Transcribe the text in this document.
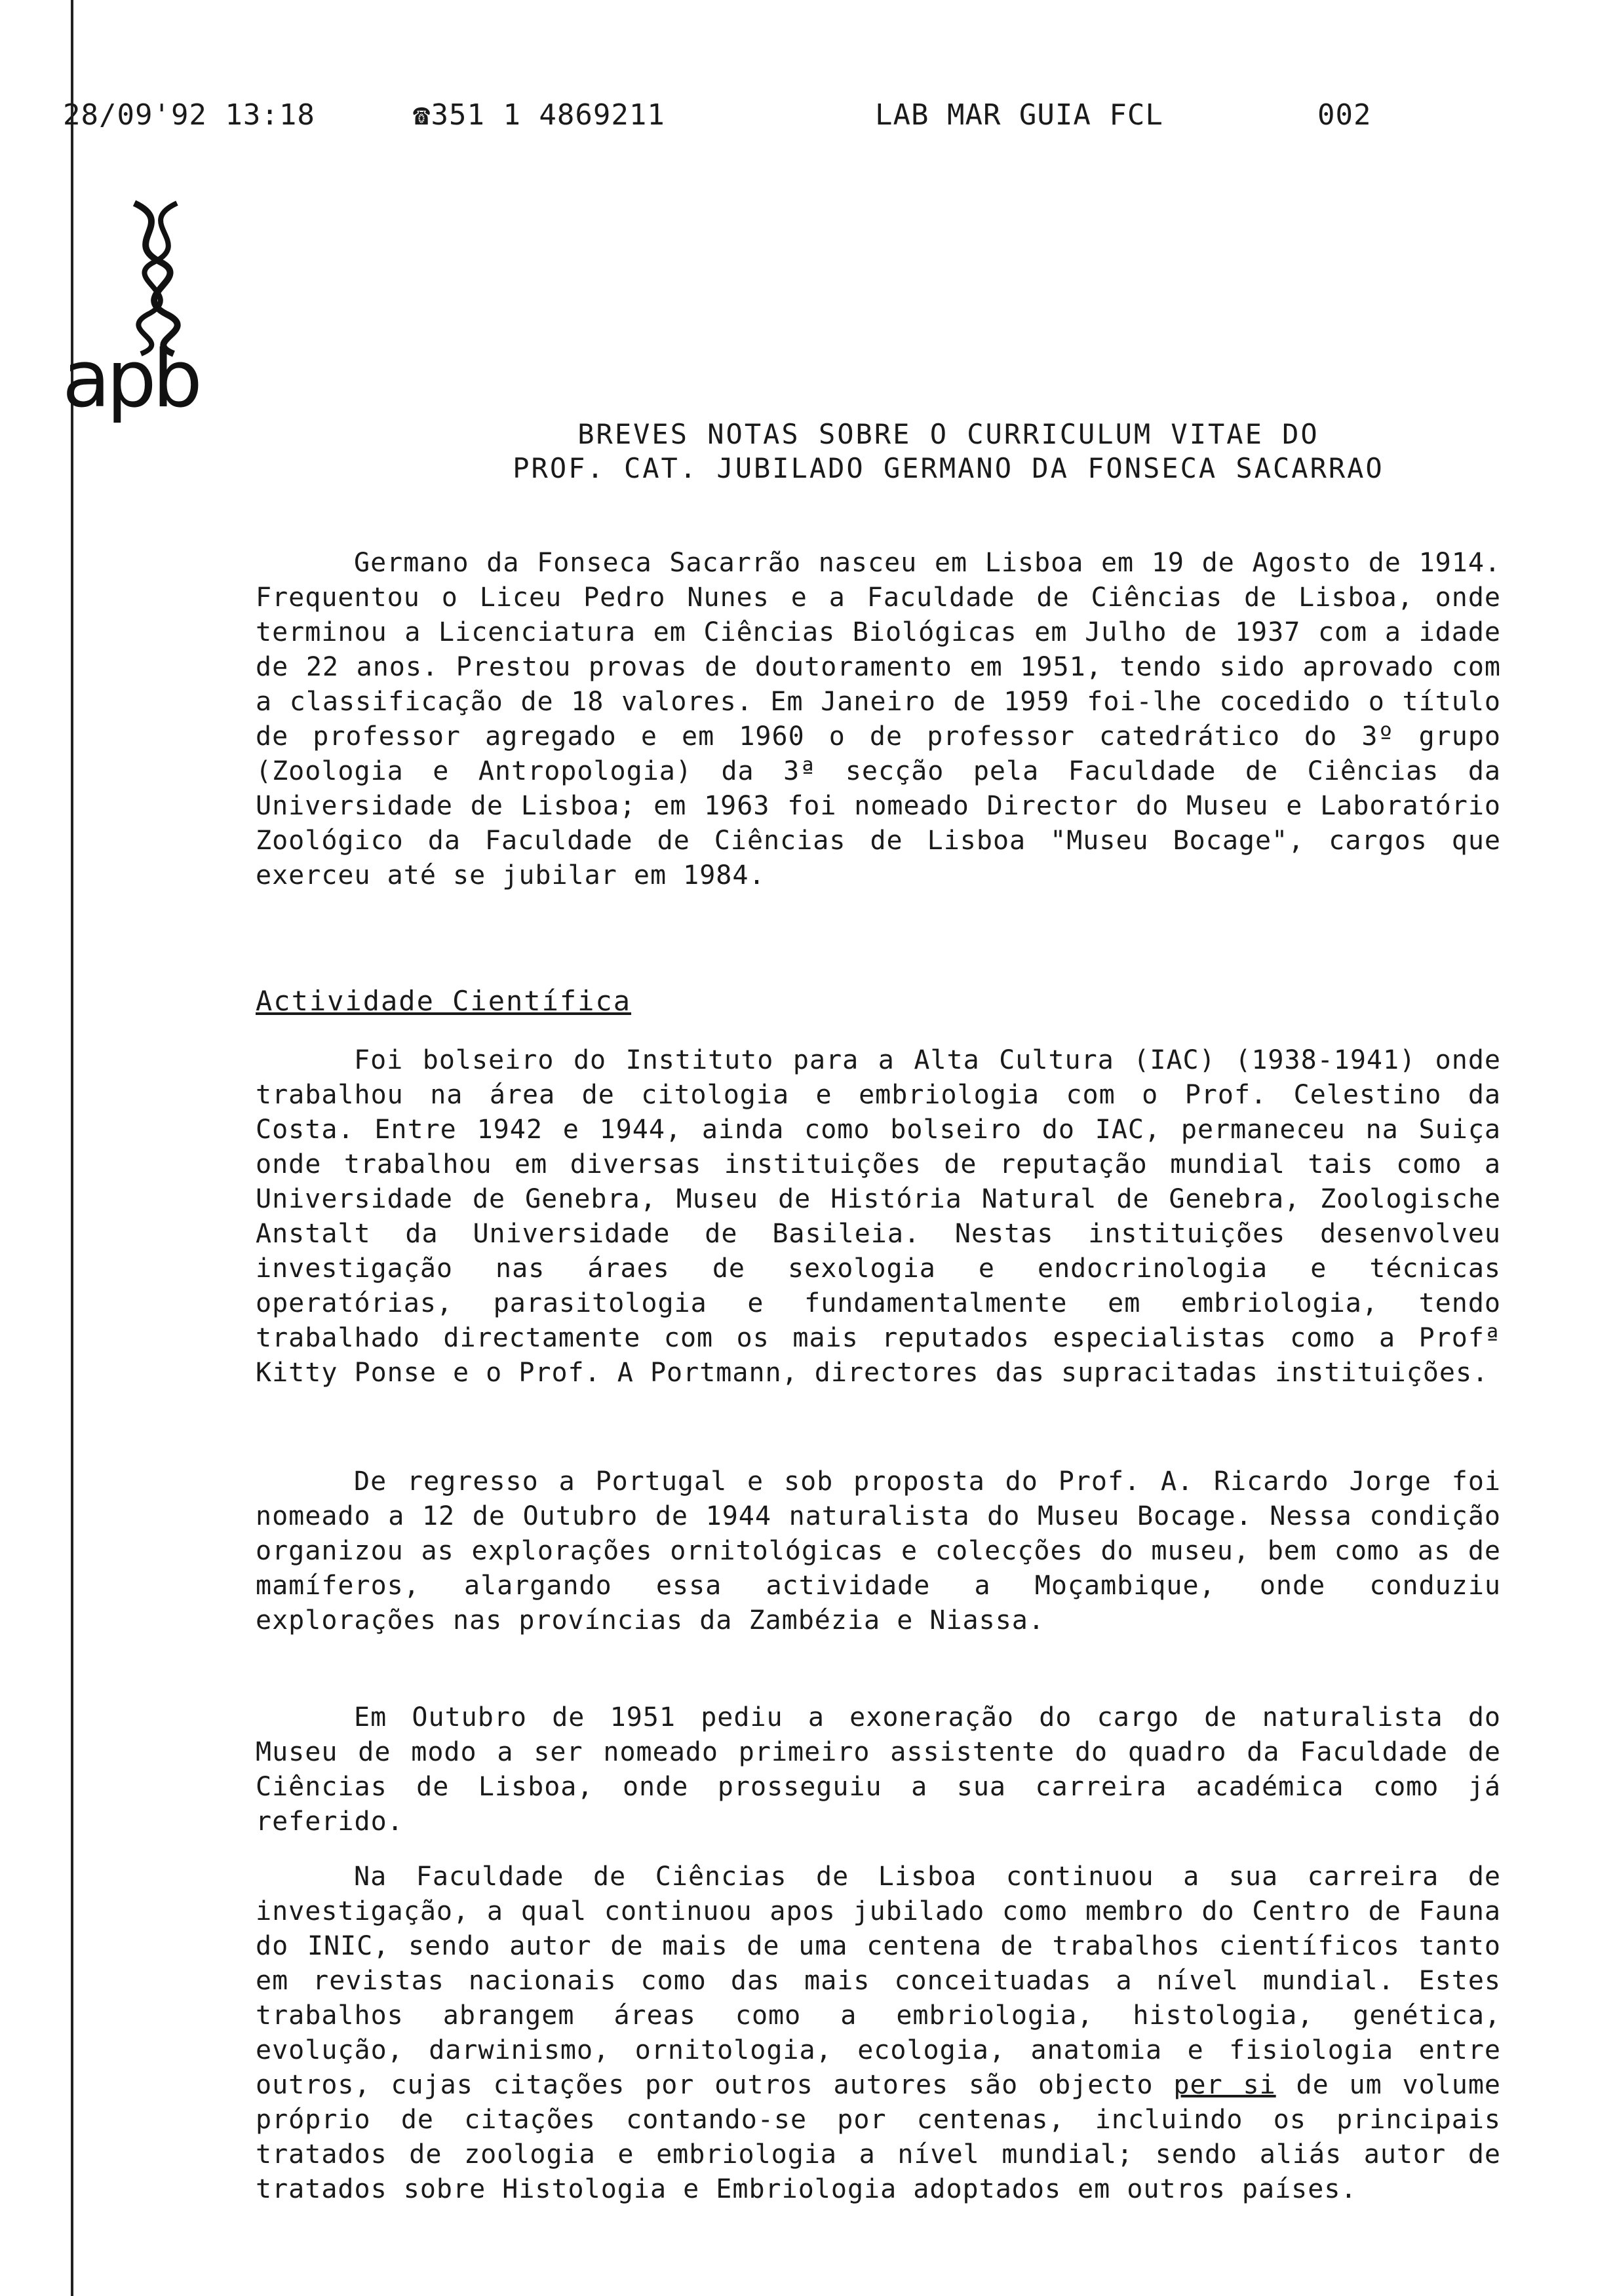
28/09'92 13:18	☎351 1 4869211	LAB MAR GUIA FCL	002
apb
BREVES NOTAS SOBRE O CURRICULUM VITAE DO
PROF. CAT. JUBILADO GERMANO DA FONSECA SACARRAO

Germano da Fonseca Sacarrão nasceu em Lisboa em 19 de Agosto de 1914. Frequentou o Liceu Pedro Nunes e a Faculdade de Ciências de Lisboa, onde terminou a Licenciatura em Ciências Biológicas em Julho de 1937 com a idade de 22 anos. Prestou provas de doutoramento em 1951, tendo sido aprovado com a classificação de 18 valores. Em Janeiro de 1959 foi-lhe cocedido o título de professor agregado e em 1960 o de professor catedrático do 3º grupo (Zoologia e Antropologia) da 3ª secção pela Faculdade de Ciências da Universidade de Lisboa; em 1963 foi nomeado Director do Museu e Laboratório Zoológico da Faculdade de Ciências de Lisboa "Museu Bocage", cargos que exerceu até se jubilar em 1984.

Actividade Científica

Foi bolseiro do Instituto para a Alta Cultura (IAC) (1938-1941) onde trabalhou na área de citologia e embriologia com o Prof. Celestino da Costa. Entre 1942 e 1944, ainda como bolseiro do IAC, permaneceu na Suiça onde trabalhou em diversas instituições de reputação mundial tais como a Universidade de Genebra, Museu de História Natural de Genebra, Zoologische Anstalt da Universidade de Basileia. Nestas instituições desenvolveu investigação nas áraes de sexologia e endocrinologia e técnicas operatórias, parasitologia e fundamentalmente em embriologia, tendo trabalhado directamente com os mais reputados especialistas como a Profª Kitty Ponse e o Prof. A Portmann, directores das supracitadas instituições.

De regresso a Portugal e sob proposta do Prof. A. Ricardo Jorge foi nomeado a 12 de Outubro de 1944 naturalista do Museu Bocage. Nessa condição organizou as explorações ornitológicas e colecções do museu, bem como as de mamíferos, alargando essa actividade a Moçambique, onde conduziu explorações nas províncias da Zambézia e Niassa.

Em Outubro de 1951 pediu a exoneração do cargo de naturalista do Museu de modo a ser nomeado primeiro assistente do quadro da Faculdade de Ciências de Lisboa, onde prosseguiu a sua carreira académica como já referido.

Na Faculdade de Ciências de Lisboa continuou a sua carreira de investigação, a qual continuou apos jubilado como membro do Centro de Fauna do INIC, sendo autor de mais de uma centena de trabalhos científicos tanto em revistas nacionais como das mais conceituadas a nível mundial. Estes trabalhos abrangem áreas como a embriologia, histologia, genética, evolução, darwinismo, ornitologia, ecologia, anatomia e fisiologia entre outros, cujas citações por outros autores são objecto per si de um volume próprio de citações contando-se por centenas, incluindo os principais tratados de zoologia e embriologia a nível mundial; sendo aliás autor de tratados sobre Histologia e Embriologia adoptados em outros países.
